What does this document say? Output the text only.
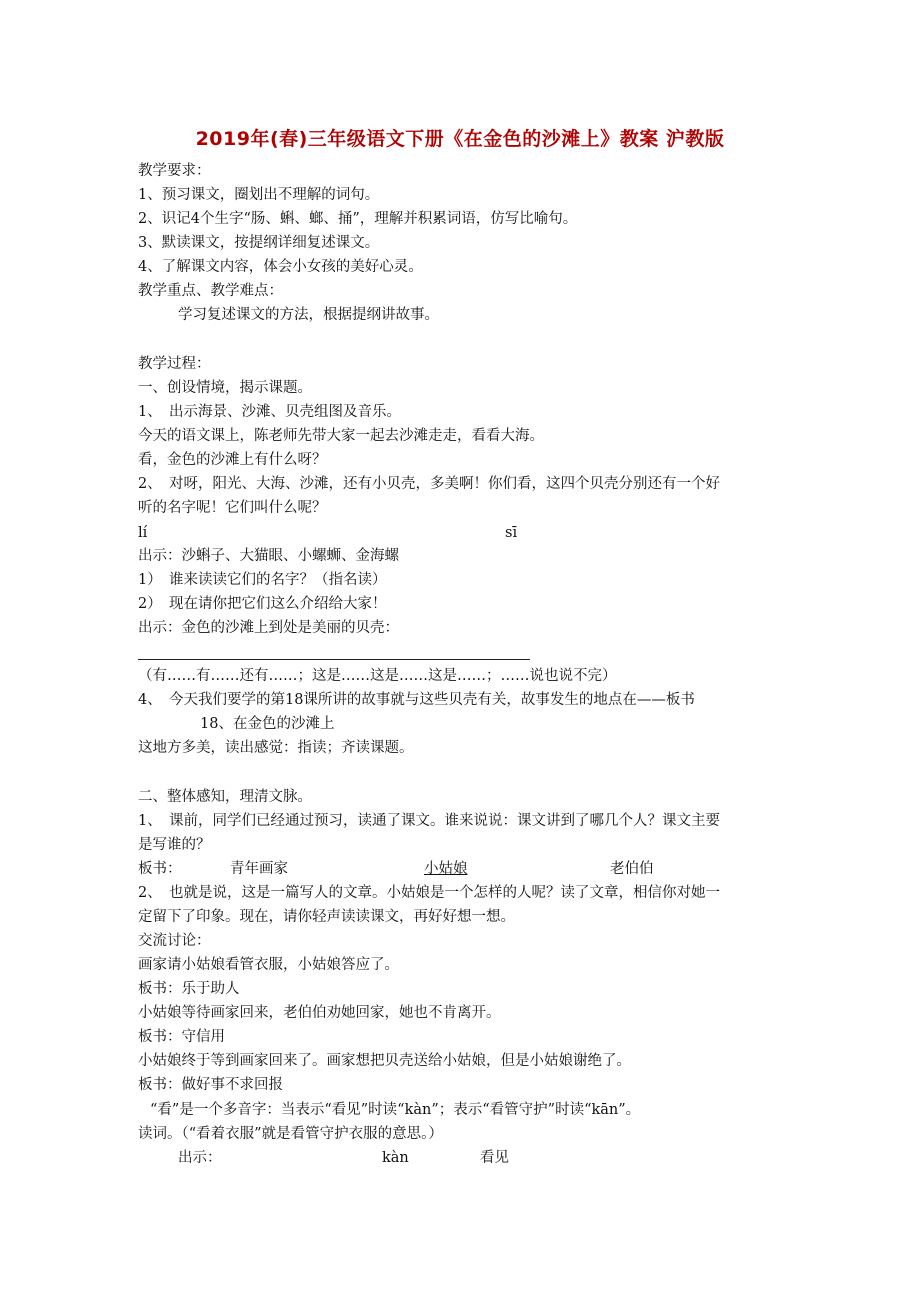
2019年(春)三年级语文下册《在金色的沙滩上》教案 沪教版
教学要求：
1、预习课文，圈划出不理解的词句。
2、识记4个生字“肠、蝌、螂、捅”，理解并积累词语，仿写比喻句。
3、默读课文，按提纲详细复述课文。
4、了解课文内容，体会小女孩的美好心灵。
教学重点、教学难点：
学习复述课文的方法，根据提纲讲故事。
教学过程：
一、创设情境，揭示课题。
1、　出示海景、沙滩、贝壳组图及音乐。
今天的语文课上，陈老师先带大家一起去沙滩走走，看看大海。
看，金色的沙滩上有什么呀？
2、　对呀，阳光、大海、沙滩，还有小贝壳，多美啊！你们看，这四个贝壳分别还有一个好
听的名字呢！它们叫什么呢？
lí	sī
出示：沙蝌子、大猫眼、小螺蛳、金海螺
1）　谁来读读它们的名字？（指名读）
2）　现在请你把它们这么介绍给大家！
出示：金色的沙滩上到处是美丽的贝壳：
（有……有……还有……；这是……这是……这是……；……说也说不完）
4、　今天我们要学的第18课所讲的故事就与这些贝壳有关，故事发生的地点在——板书
18、在金色的沙滩上
这地方多美，读出感觉：指读；齐读课题。
二、整体感知，理清文脉。
1、　课前，同学们已经通过预习，读通了课文。谁来说说：课文讲到了哪几个人？课文主要
是写谁的？
板书：	青年画家	小姑娘	老伯伯
2、　也就是说，这是一篇写人的文章。小姑娘是一个怎样的人呢？读了文章，相信你对她一
定留下了印象。现在，请你轻声读读课文，再好好想一想。
交流讨论：
画家请小姑娘看管衣服，小姑娘答应了。
板书：乐于助人
小姑娘等待画家回来，老伯伯劝她回家，她也不肯离开。
板书：守信用
小姑娘终于等到画家回来了。画家想把贝壳送给小姑娘，但是小姑娘谢绝了。
板书：做好事不求回报
“看”是一个多音字：当表示“看见”时读“kàn”；表示“看管守护”时读“kān”。
读词。（“看着衣服”就是看管守护衣服的意思。）
出示：	kàn	看见
